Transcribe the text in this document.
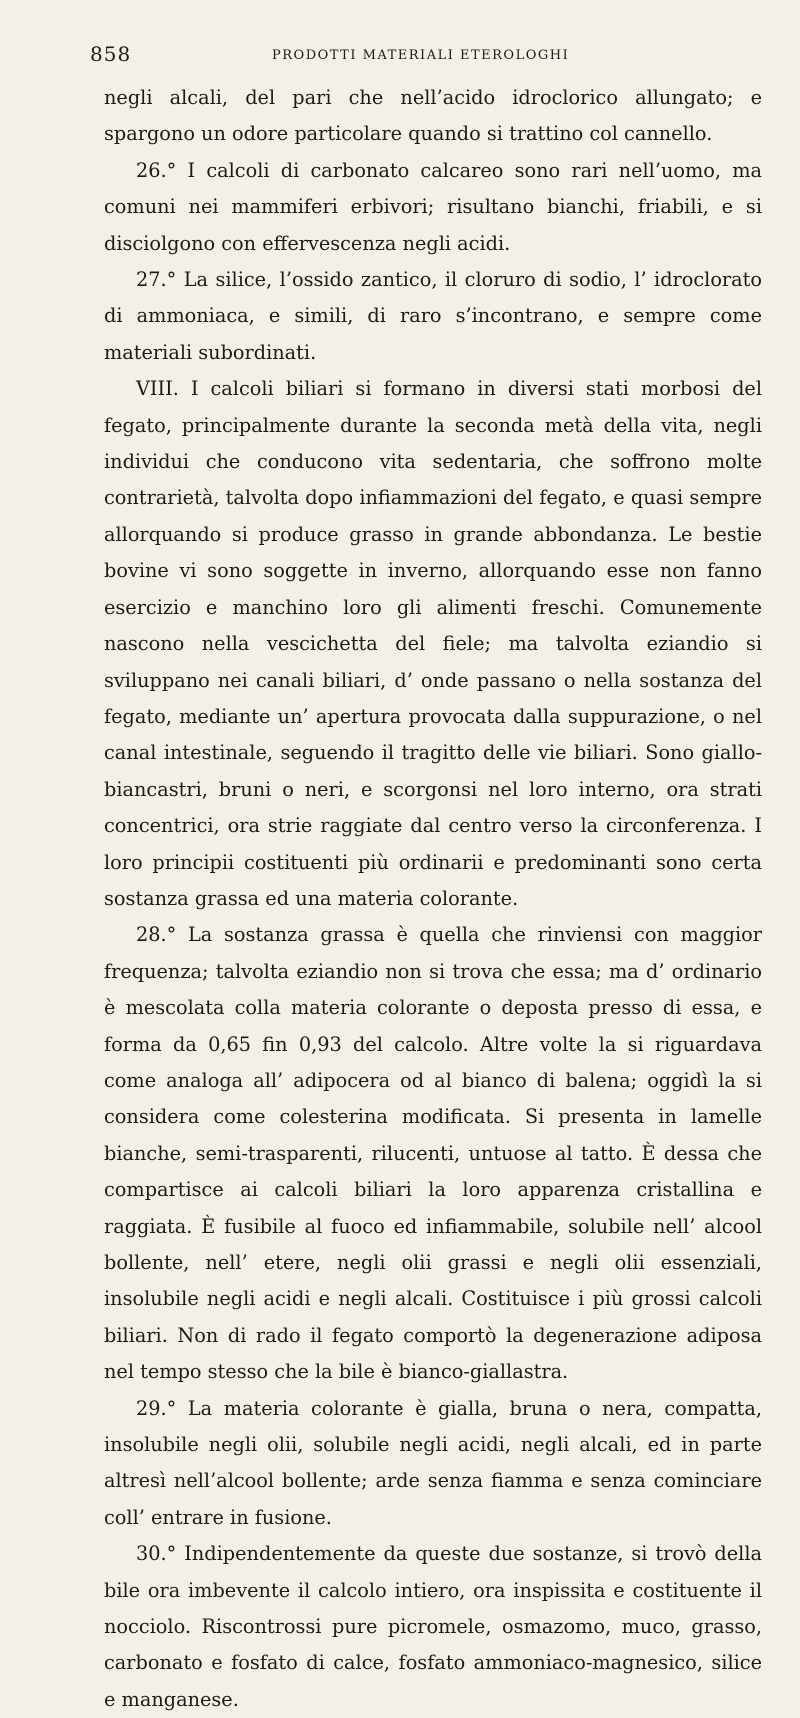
858	PRODOTTI MATERIALI ETEROLOGHI

negli alcali, del pari che nell’acido idroclorico allungato; e spargono un odore particolare quando si trattino col cannello.

26.° I calcoli di carbonato calcareo sono rari nell’uomo, ma comuni nei mammiferi erbivori; risultano bianchi, friabili, e si disciolgono con effervescenza negli acidi.

27.° La silice, l’ossido zantico, il cloruro di sodio, l’ idroclorato di ammoniaca, e simili, di raro s’incontrano, e sempre come materiali subordinati.

VIII. I calcoli biliari si formano in diversi stati morbosi del fegato, principalmente durante la seconda metà della vita, negli individui che conducono vita sedentaria, che soffrono molte contrarietà, talvolta dopo infiammazioni del fegato, e quasi sempre allorquando si produce grasso in grande abbondanza. Le bestie bovine vi sono soggette in inverno, allorquando esse non fanno esercizio e manchino loro gli alimenti freschi. Comunemente nascono nella vescichetta del fiele; ma talvolta eziandio si sviluppano nei canali biliari, d’ onde passano o nella sostanza del fegato, mediante un’ apertura provocata dalla suppurazione, o nel canal intestinale, seguendo il tragitto delle vie biliari. Sono giallo-biancastri, bruni o neri, e scorgonsi nel loro interno, ora strati concentrici, ora strie raggiate dal centro verso la circonferenza. I loro principii costituenti più ordinarii e predominanti sono certa sostanza grassa ed una materia colorante.

28.° La sostanza grassa è quella che rinviensi con maggior frequenza; talvolta eziandio non si trova che essa; ma d’ ordinario è mescolata colla materia colorante o deposta presso di essa, e forma da 0,65 fin 0,93 del calcolo. Altre volte la si riguardava come analoga all’ adipocera od al bianco di balena; oggidì la si considera come colesterina modificata. Si presenta in lamelle bianche, semi-trasparenti, rilucenti, untuose al tatto. È dessa che compartisce ai calcoli biliari la loro apparenza cristallina e raggiata. È fusibile al fuoco ed infiammabile, solubile nell’ alcool bollente, nell’ etere, negli olii grassi e negli olii essenziali, insolubile negli acidi e negli alcali. Costituisce i più grossi calcoli biliari. Non di rado il fegato comportò la degenerazione adiposa nel tempo stesso che la bile è bianco-giallastra.

29.° La materia colorante è gialla, bruna o nera, compatta, insolubile negli olii, solubile negli acidi, negli alcali, ed in parte altresì nell’alcool bollente; arde senza fiamma e senza cominciare coll’ entrare in fusione.

30.° Indipendentemente da queste due sostanze, si trovò della bile ora imbevente il calcolo intiero, ora inspissita e costituente il nocciolo. Riscontrossi pure picromele, osmazomo, muco, grasso, carbonato e fosfato di calce, fosfato ammoniaco-magnesico, silice e manganese.
